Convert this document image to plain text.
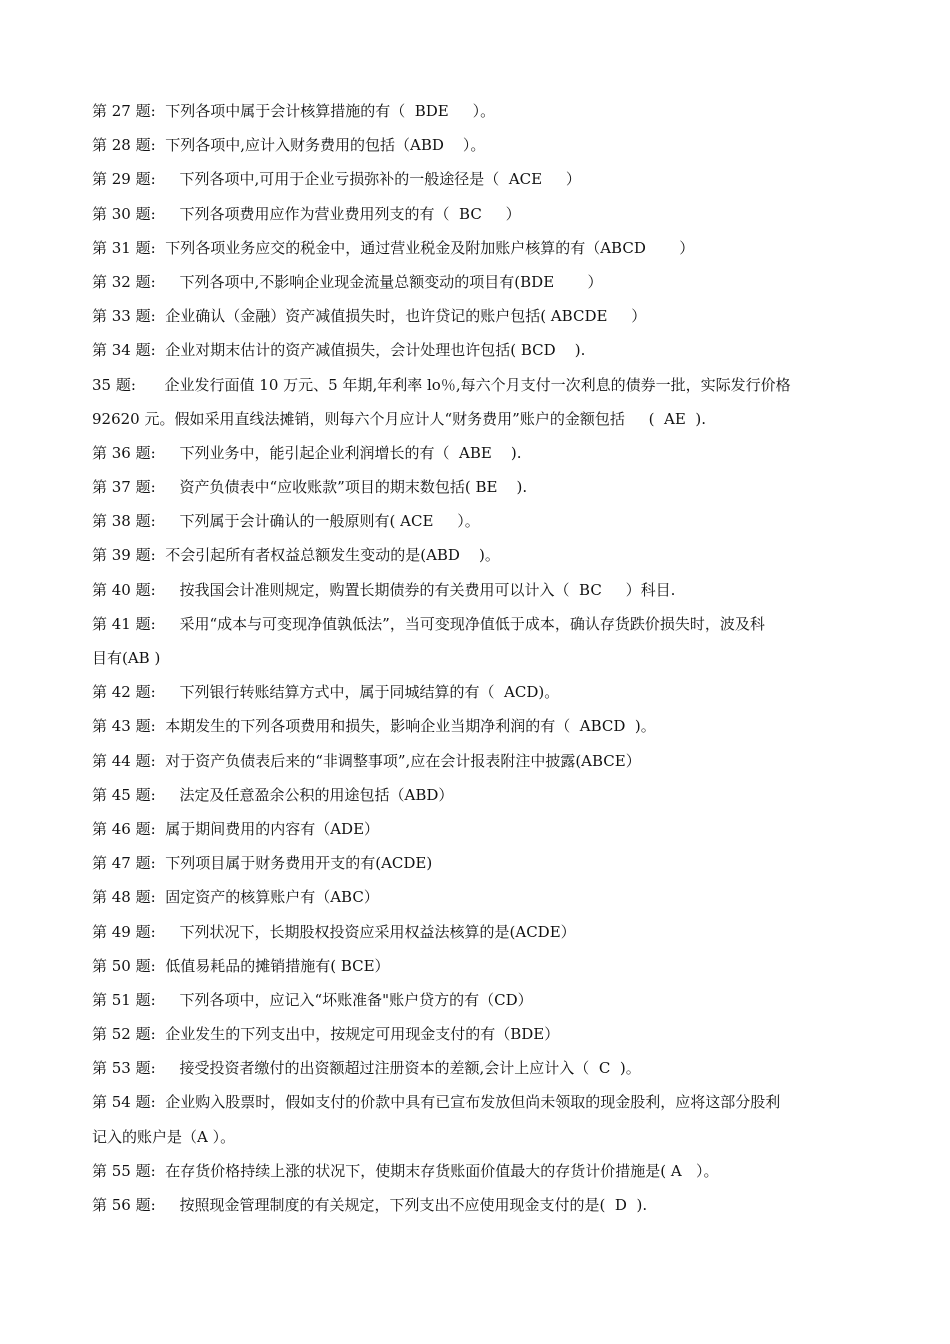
第 27 题:  下列各项中属于会计核算措施的有（  BDE     ）。
第 28 题:  下列各项中,应计入财务费用的包括（ABD    ）。
第 29 题:     下列各项中,可用于企业亏损弥补的一般途径是（  ACE     ）
第 30 题:     下列各项费用应作为营业费用列支的有（  BC     ）
第 31 题:  下列各项业务应交的税金中，通过营业税金及附加账户核算的有（ABCD       ）
第 32 题:     下列各项中,不影响企业现金流量总额变动的项目有(BDE       ）
第 33 题:  企业确认（金融）资产减值损失时，也许贷记的账户包括( ABCDE     ）
第 34 题:  企业对期末估计的资产减值损失，会计处理也许包括( BCD    ).
35 题:      企业发行面值 10 万元、5 年期,年利率 lo％,每六个月支付一次利息的债券一批，实际发行价格
92620 元。假如采用直线法摊销，则每六个月应计人“财务费用”账户的金额包括     (  AE  ).
第 36 题:     下列业务中，能引起企业利润增长的有（  ABE    ).
第 37 题:     资产负债表中“应收账款”项目的期末数包括( BE    ).
第 38 题:     下列属于会计确认的一般原则有( ACE     ）。
第 39 题:  不会引起所有者权益总额发生变动的是(ABD    )。
第 40 题:     按我国会计准则规定，购置长期债券的有关费用可以计入（  BC     ）科目.
第 41 题:     采用“成本与可变现净值孰低法”，当可变现净值低于成本，确认存货跌价损失时，波及科
目有(AB )
第 42 题:     下列银行转账结算方式中，属于同城结算的有（  ACD)。
第 43 题:  本期发生的下列各项费用和损失，影响企业当期净利润的有（  ABCD  )。
第 44 题:  对于资产负债表后来的“非调整事项”,应在会计报表附注中披露(ABCE）
第 45 题:     法定及任意盈余公积的用途包括（ABD）
第 46 题:  属于期间费用的内容有（ADE）
第 47 题:  下列项目属于财务费用开支的有(ACDE)
第 48 题:  固定资产的核算账户有（ABC）
第 49 题:     下列状况下，长期股权投资应采用权益法核算的是(ACDE）
第 50 题:  低值易耗品的摊销措施有( BCE）
第 51 题:     下列各项中，应记入“坏账准备"账户贷方的有（CD）
第 52 题:  企业发生的下列支出中，按规定可用现金支付的有（BDE）
第 53 题:     接受投资者缴付的出资额超过注册资本的差额,会计上应计入（  C  )。
第 54 题:  企业购入股票时，假如支付的价款中具有已宣布发放但尚未领取的现金股利，应将这部分股利
记入的账户是（A ）。
第 55 题:  在存货价格持续上涨的状况下，使期末存货账面价值最大的存货计价措施是( A   ）。
第 56 题:     按照现金管理制度的有关规定，下列支出不应使用现金支付的是(  D  ).
